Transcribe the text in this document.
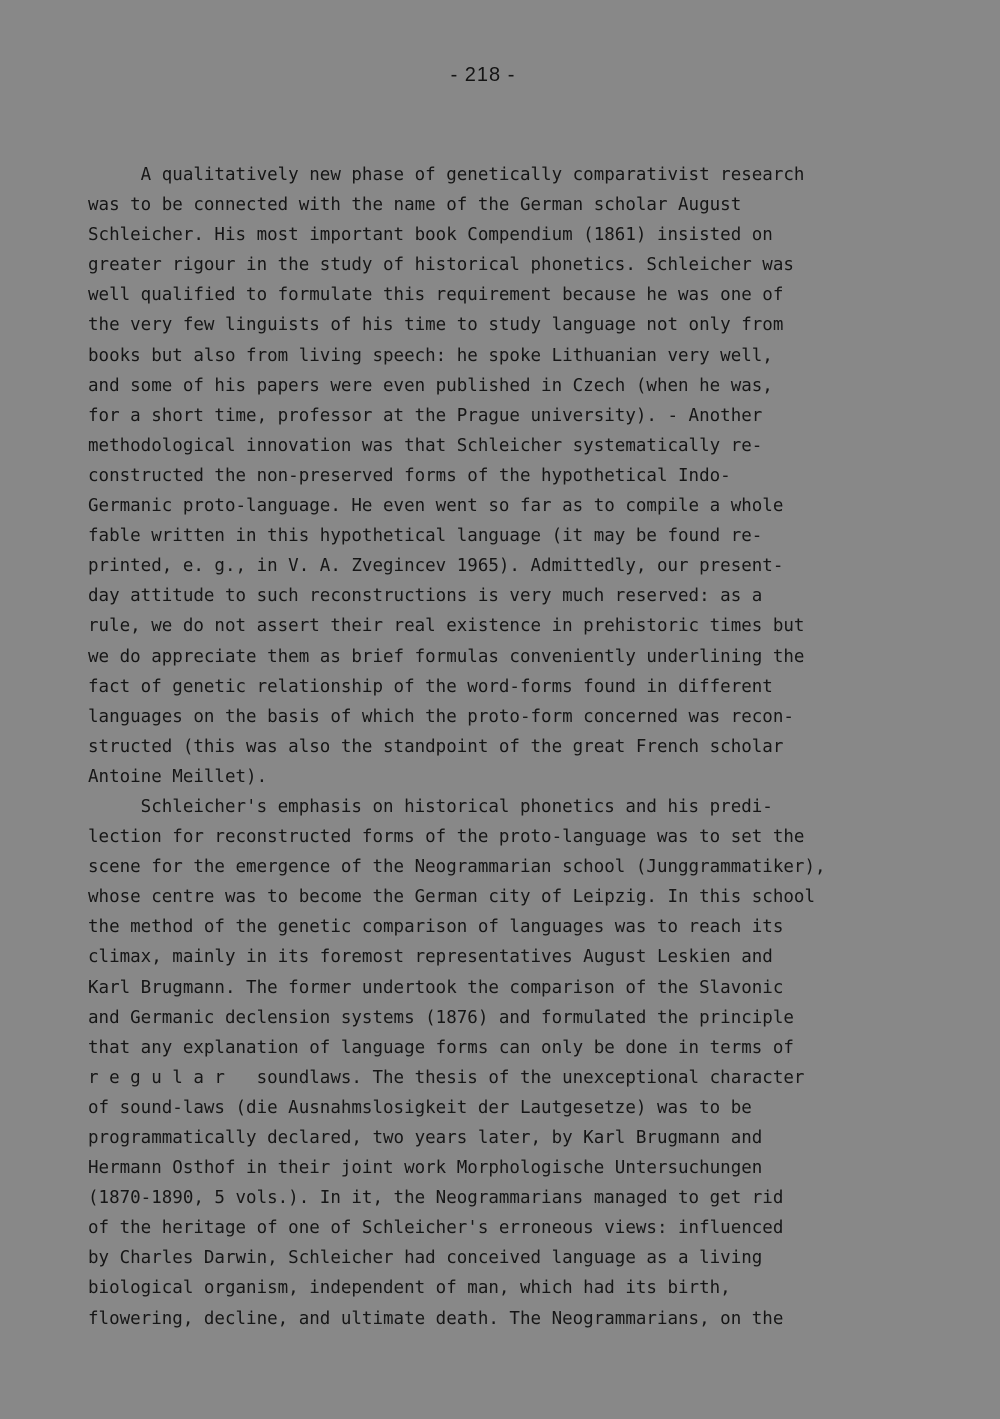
- 218 -
A qualitatively new phase of genetically comparativist research
was to be connected with the name of the German scholar August
Schleicher. His most important book Compendium (1861) insisted on
greater rigour in the study of historical phonetics. Schleicher was
well qualified to formulate this requirement because he was one of
the very few linguists of his time to study language not only from
books but also from living speech: he spoke Lithuanian very well,
and some of his papers were even published in Czech (when he was,
for a short time, professor at the Prague university). - Another
methodological innovation was that Schleicher systematically re-
constructed the non-preserved forms of the hypothetical Indo-
Germanic proto-language. He even went so far as to compile a whole
fable written in this hypothetical language (it may be found re-
printed, e. g., in V. A. Zvegincev 1965). Admittedly, our present-
day attitude to such reconstructions is very much reserved: as a
rule, we do not assert their real existence in prehistoric times but
we do appreciate them as brief formulas conveniently underlining the
fact of genetic relationship of the word-forms found in different
languages on the basis of which the proto-form concerned was recon-
structed (this was also the standpoint of the great French scholar
Antoine Meillet).
Schleicher's emphasis on historical phonetics and his predi-
lection for reconstructed forms of the proto-language was to set the
scene for the emergence of the Neogrammarian school (Junggrammatiker),
whose centre was to become the German city of Leipzig. In this school
the method of the genetic comparison of languages was to reach its
climax, mainly in its foremost representatives August Leskien and
Karl Brugmann. The former undertook the comparison of the Slavonic
and Germanic declension systems (1876) and formulated the principle
that any explanation of language forms can only be done in terms of
r e g u l a r   soundlaws. The thesis of the unexceptional character
of sound-laws (die Ausnahmslosigkeit der Lautgesetze) was to be
programmatically declared, two years later, by Karl Brugmann and
Hermann Osthof in their joint work Morphologische Untersuchungen
(1870-1890, 5 vols.). In it, the Neogrammarians managed to get rid
of the heritage of one of Schleicher's erroneous views: influenced
by Charles Darwin, Schleicher had conceived language as a living
biological organism, independent of man, which had its birth,
flowering, decline, and ultimate death. The Neogrammarians, on the
